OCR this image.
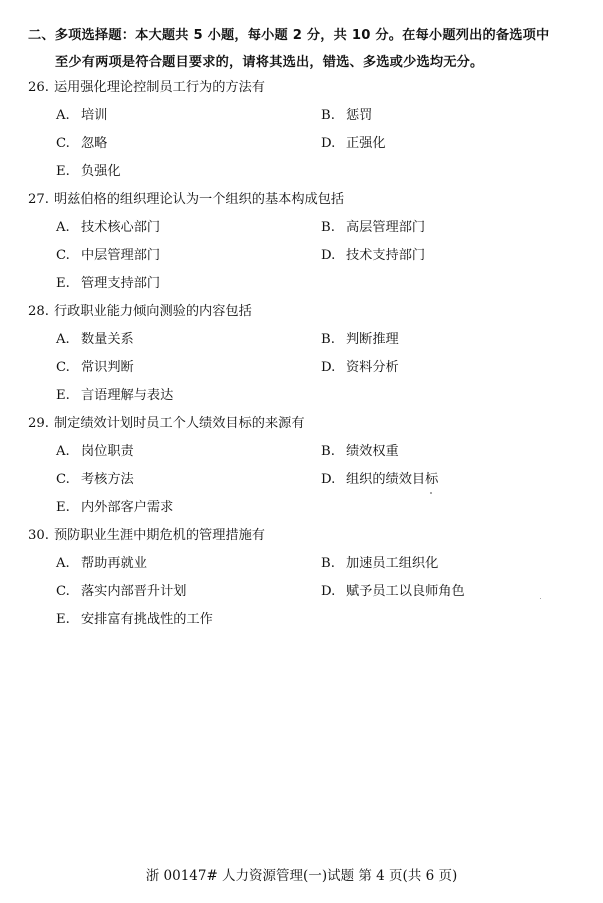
二、多项选择题：本大题共 5 小题，每小题 2 分，共 10 分。在每小题列出的备选项中
至少有两项是符合题目要求的，请将其选出，错选、多选或少选均无分。
26. 运用强化理论控制员工行为的方法有
A. 培训	B. 惩罚
C. 忽略	D. 正强化
E. 负强化
27. 明兹伯格的组织理论认为一个组织的基本构成包括
A. 技术核心部门	B. 高层管理部门
C. 中层管理部门	D. 技术支持部门
E. 管理支持部门
28. 行政职业能力倾向测验的内容包括
A. 数量关系	B. 判断推理
C. 常识判断	D. 资料分析
E. 言语理解与表达
29. 制定绩效计划时员工个人绩效目标的来源有
A. 岗位职责	B. 绩效权重
C. 考核方法	D. 组织的绩效目标
E. 内外部客户需求
30. 预防职业生涯中期危机的管理措施有
A. 帮助再就业	B. 加速员工组织化
C. 落实内部晋升计划	D. 赋予员工以良师角色
E. 安排富有挑战性的工作
浙 00147# 人力资源管理(一)试题 第 4 页(共 6 页)
